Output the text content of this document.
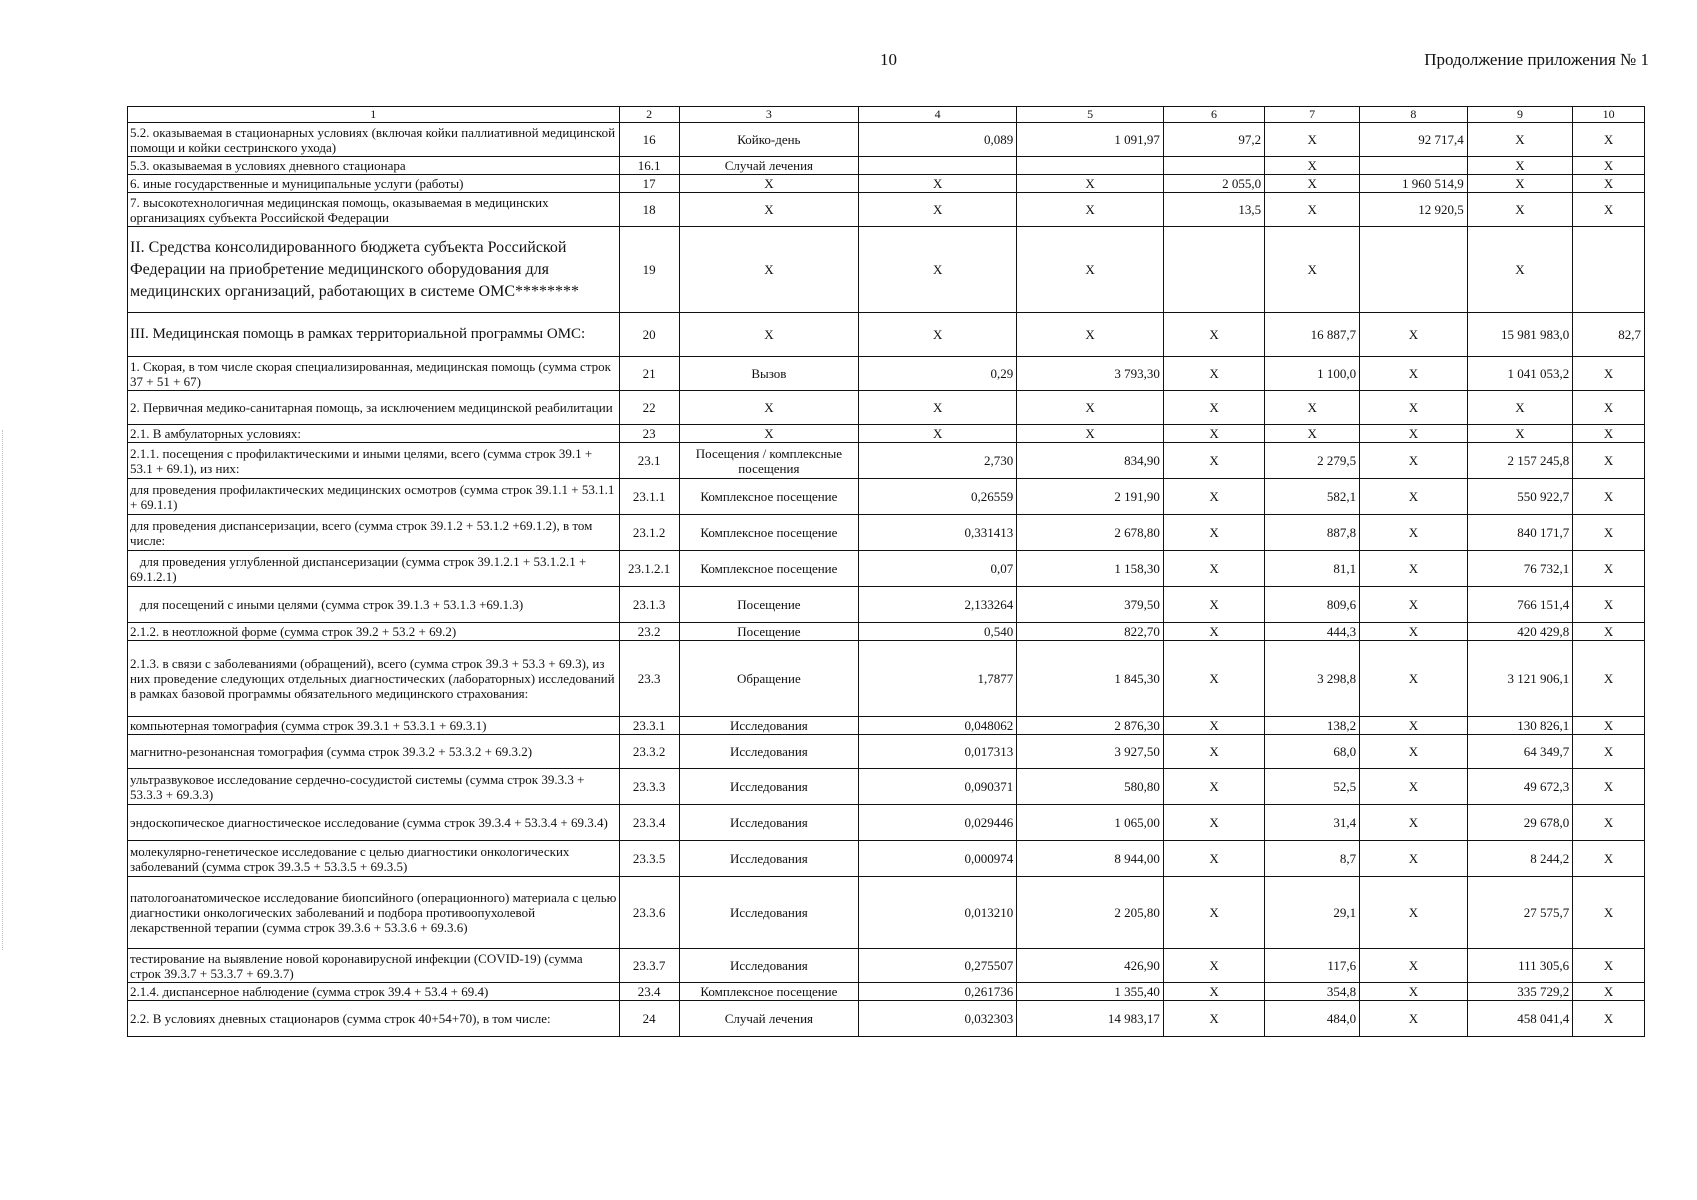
10	Продолжение приложения № 1
1	2	3	4	5	6	7	8	9	10
5.2. оказываемая в стационарных условиях (включая койки паллиативной медицинской помощи и койки сестринского ухода)	16	Койко-день	0,089	1 091,97	97,2	Х	92 717,4	Х	Х
5.3. оказываемая в условиях дневного стационара	16.1	Случай лечения				Х		Х	Х
6. иные государственные и муниципальные услуги (работы)	17	Х	Х	Х	2 055,0	Х	1 960 514,9	Х	Х
7. высокотехнологичная медицинская помощь, оказываемая в медицинских организациях субъекта Российской Федерации	18	Х	Х	Х	13,5	Х	12 920,5	Х	Х
II. Средства консолидированного бюджета субъекта Российской Федерации на приобретение медицинского оборудования для медицинских организаций, работающих в системе ОМС********	19	Х	Х	Х		Х		Х	
III. Медицинская помощь в рамках территориальной программы ОМС:	20	Х	Х	Х	Х	16 887,7	Х	15 981 983,0	82,7
1. Скорая, в том числе скорая специализированная, медицинская помощь (сумма строк 37 + 51 + 67)	21	Вызов	0,29	3 793,30	Х	1 100,0	Х	1 041 053,2	Х
2. Первичная медико-санитарная помощь, за исключением медицинской реабилитации	22	Х	Х	Х	Х	Х	Х	Х	Х
2.1. В амбулаторных условиях:	23	Х	Х	Х	Х	Х	Х	Х	Х
2.1.1. посещения с профилактическими и иными целями, всего (сумма строк 39.1 + 53.1 + 69.1), из них:	23.1	Посещения / комплексные посещения	2,730	834,90	Х	2 279,5	Х	2 157 245,8	Х
для проведения профилактических медицинских осмотров (сумма строк 39.1.1 + 53.1.1 + 69.1.1)	23.1.1	Комплексное посещение	0,26559	2 191,90	Х	582,1	Х	550 922,7	Х
для проведения диспансеризации, всего (сумма строк 39.1.2 + 53.1.2 +69.1.2), в том числе:	23.1.2	Комплексное посещение	0,331413	2 678,80	Х	887,8	Х	840 171,7	Х
для проведения углубленной диспансеризации (сумма строк 39.1.2.1 + 53.1.2.1 + 69.1.2.1)	23.1.2.1	Комплексное посещение	0,07	1 158,30	Х	81,1	Х	76 732,1	Х
для посещений с иными целями (сумма строк 39.1.3 + 53.1.3 +69.1.3)	23.1.3	Посещение	2,133264	379,50	Х	809,6	Х	766 151,4	Х
2.1.2. в неотложной форме (сумма строк 39.2 + 53.2 + 69.2)	23.2	Посещение	0,540	822,70	Х	444,3	Х	420 429,8	Х
2.1.3. в связи с заболеваниями (обращений), всего (сумма строк 39.3 + 53.3 + 69.3), из них проведение следующих отдельных диагностических (лабораторных) исследований в рамках базовой программы обязательного медицинского страхования:	23.3	Обращение	1,7877	1 845,30	Х	3 298,8	Х	3 121 906,1	Х
компьютерная томография (сумма строк 39.3.1 + 53.3.1 + 69.3.1)	23.3.1	Исследования	0,048062	2 876,30	Х	138,2	Х	130 826,1	Х
магнитно-резонансная томография (сумма строк 39.3.2 + 53.3.2 + 69.3.2)	23.3.2	Исследования	0,017313	3 927,50	Х	68,0	Х	64 349,7	Х
ультразвуковое исследование сердечно-сосудистой системы (сумма строк 39.3.3 + 53.3.3 + 69.3.3)	23.3.3	Исследования	0,090371	580,80	Х	52,5	Х	49 672,3	Х
эндоскопическое диагностическое исследование (сумма строк 39.3.4 + 53.3.4 + 69.3.4)	23.3.4	Исследования	0,029446	1 065,00	Х	31,4	Х	29 678,0	Х
молекулярно-генетическое исследование с целью диагностики онкологических заболеваний (сумма строк 39.3.5 + 53.3.5 + 69.3.5)	23.3.5	Исследования	0,000974	8 944,00	Х	8,7	Х	8 244,2	Х
патологоанатомическое исследование биопсийного (операционного) материала с целью диагностики онкологических заболеваний и подбора противоопухолевой лекарственной терапии (сумма строк 39.3.6 + 53.3.6 + 69.3.6)	23.3.6	Исследования	0,013210	2 205,80	Х	29,1	Х	27 575,7	Х
тестирование на выявление новой коронавирусной инфекции (COVID-19) (сумма строк 39.3.7 + 53.3.7 + 69.3.7)	23.3.7	Исследования	0,275507	426,90	Х	117,6	Х	111 305,6	Х
2.1.4. диспансерное наблюдение (сумма строк 39.4 + 53.4 + 69.4)	23.4	Комплексное посещение	0,261736	1 355,40	Х	354,8	Х	335 729,2	Х
2.2. В условиях дневных стационаров (сумма строк 40+54+70), в том числе:	24	Случай лечения	0,032303	14 983,17	Х	484,0	Х	458 041,4	Х
